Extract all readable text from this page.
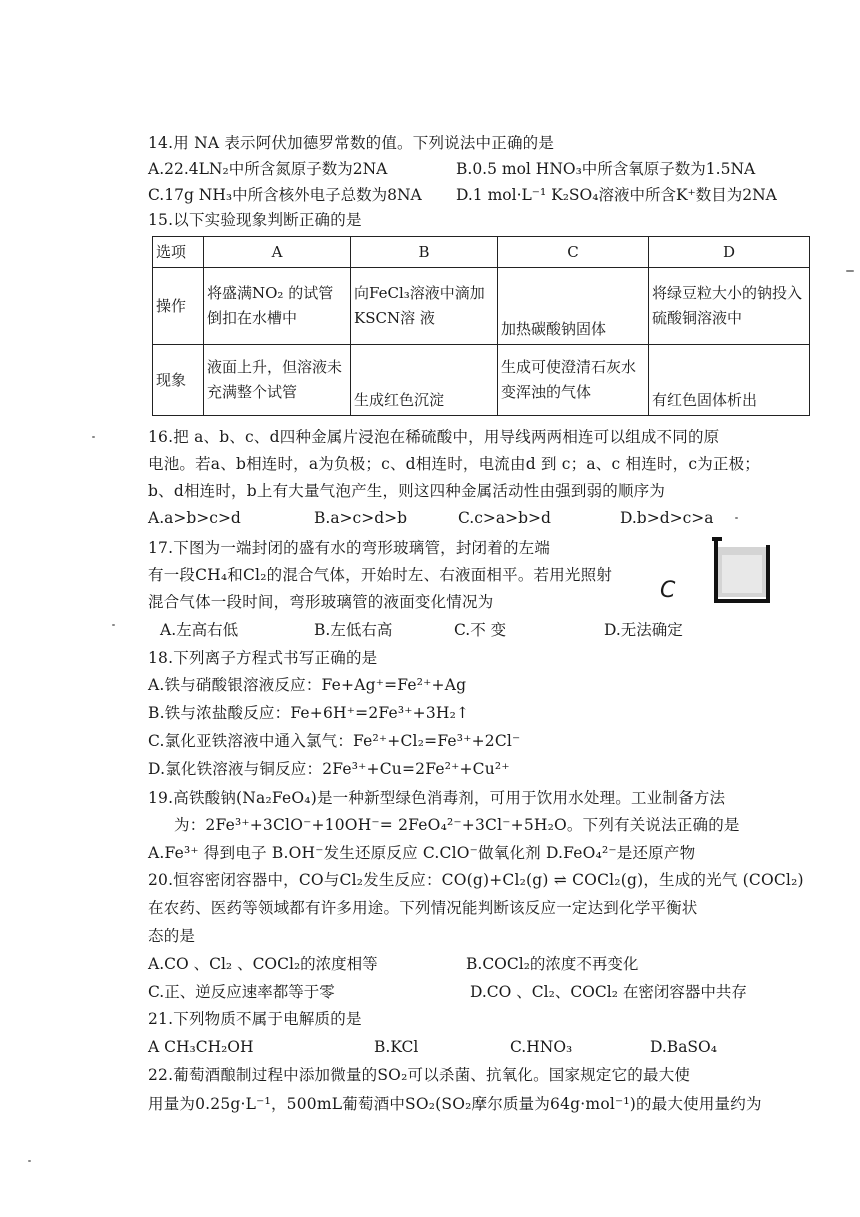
14.用 NA 表示阿伏加德罗常数的值。下列说法中正确的是
A.22.4LN₂中所含氮原子数为2NA	B.0.5 mol HNO₃中所含氧原子数为1.5NA
C.17g NH₃中所含核外电子总数为8NA D.1 mol·L⁻¹ K₂SO₄溶液中所含K⁺数目为2NA
15.以下实验现象判断正确的是
选项	A	B	C	D
操作	将盛满NO₂ 的试管倒扣在水槽中	向FeCl₃溶液中滴加KSCN溶 液	加热碳酸钠固体	将绿豆粒大小的钠投入硫酸铜溶液中
现象	液面上升，但溶液未充满整个试管	生成红色沉淀	生成可使澄清石灰水变浑浊的气体	有红色固体析出
16.把 a、b、c、d四种金属片浸泡在稀硫酸中，用导线两两相连可以组成不同的原
电池。若a、b相连时，a为负极；c、d相连时，电流由d 到 c；a、c 相连时，c为正极；
b、d相连时，b上有大量气泡产生，则这四种金属活动性由强到弱的顺序为
A.a>b>c>d	B.a>c>d>b	C.c>a>b>d	D.b>d>c>a
17.下图为一端封闭的盛有水的弯形玻璃管，封闭着的左端
有一段CH₄和Cl₂的混合气体，开始时左、右液面相平。若用光照射
混合气体一段时间，弯形玻璃管的液面变化情况为
A.左高右低	B.左低右高	C.不 变	D.无法确定
C
18.下列离子方程式书写正确的是
A.铁与硝酸银溶液反应：Fe+Ag⁺=Fe²⁺+Ag
B.铁与浓盐酸反应：Fe+6H⁺=2Fe³⁺+3H₂↑
C.氯化亚铁溶液中通入氯气：Fe²⁺+Cl₂=Fe³⁺+2Cl⁻
D.氯化铁溶液与铜反应：2Fe³⁺+Cu=2Fe²⁺+Cu²⁺
19.高铁酸钠(Na₂FeO₄)是一种新型绿色消毒剂，可用于饮用水处理。工业制备方法
为：2Fe³⁺+3ClO⁻+10OH⁻= 2FeO₄²⁻+3Cl⁻+5H₂O。下列有关说法正确的是
A.Fe³⁺ 得到电子 B.OH⁻发生还原反应 C.ClO⁻做氧化剂 D.FeO₄²⁻是还原产物
20.恒容密闭容器中，CO与Cl₂发生反应：CO(g)+Cl₂(g) ⇌ COCl₂(g)，生成的光气 (COCl₂)
在农药、医药等领域都有许多用途。下列情况能判断该反应一定达到化学平衡状
态的是
A.CO 、Cl₂ 、COCl₂的浓度相等	B.COCl₂的浓度不再变化
C.正、逆反应速率都等于零	D.CO 、Cl₂、COCl₂ 在密闭容器中共存
21.下列物质不属于电解质的是
A CH₃CH₂OH	B.KCl	C.HNO₃	D.BaSO₄
22.葡萄酒酿制过程中添加微量的SO₂可以杀菌、抗氧化。国家规定它的最大使
用量为0.25g·L⁻¹，500mL葡萄酒中SO₂(SO₂摩尔质量为64g·mol⁻¹)的最大使用量约为
